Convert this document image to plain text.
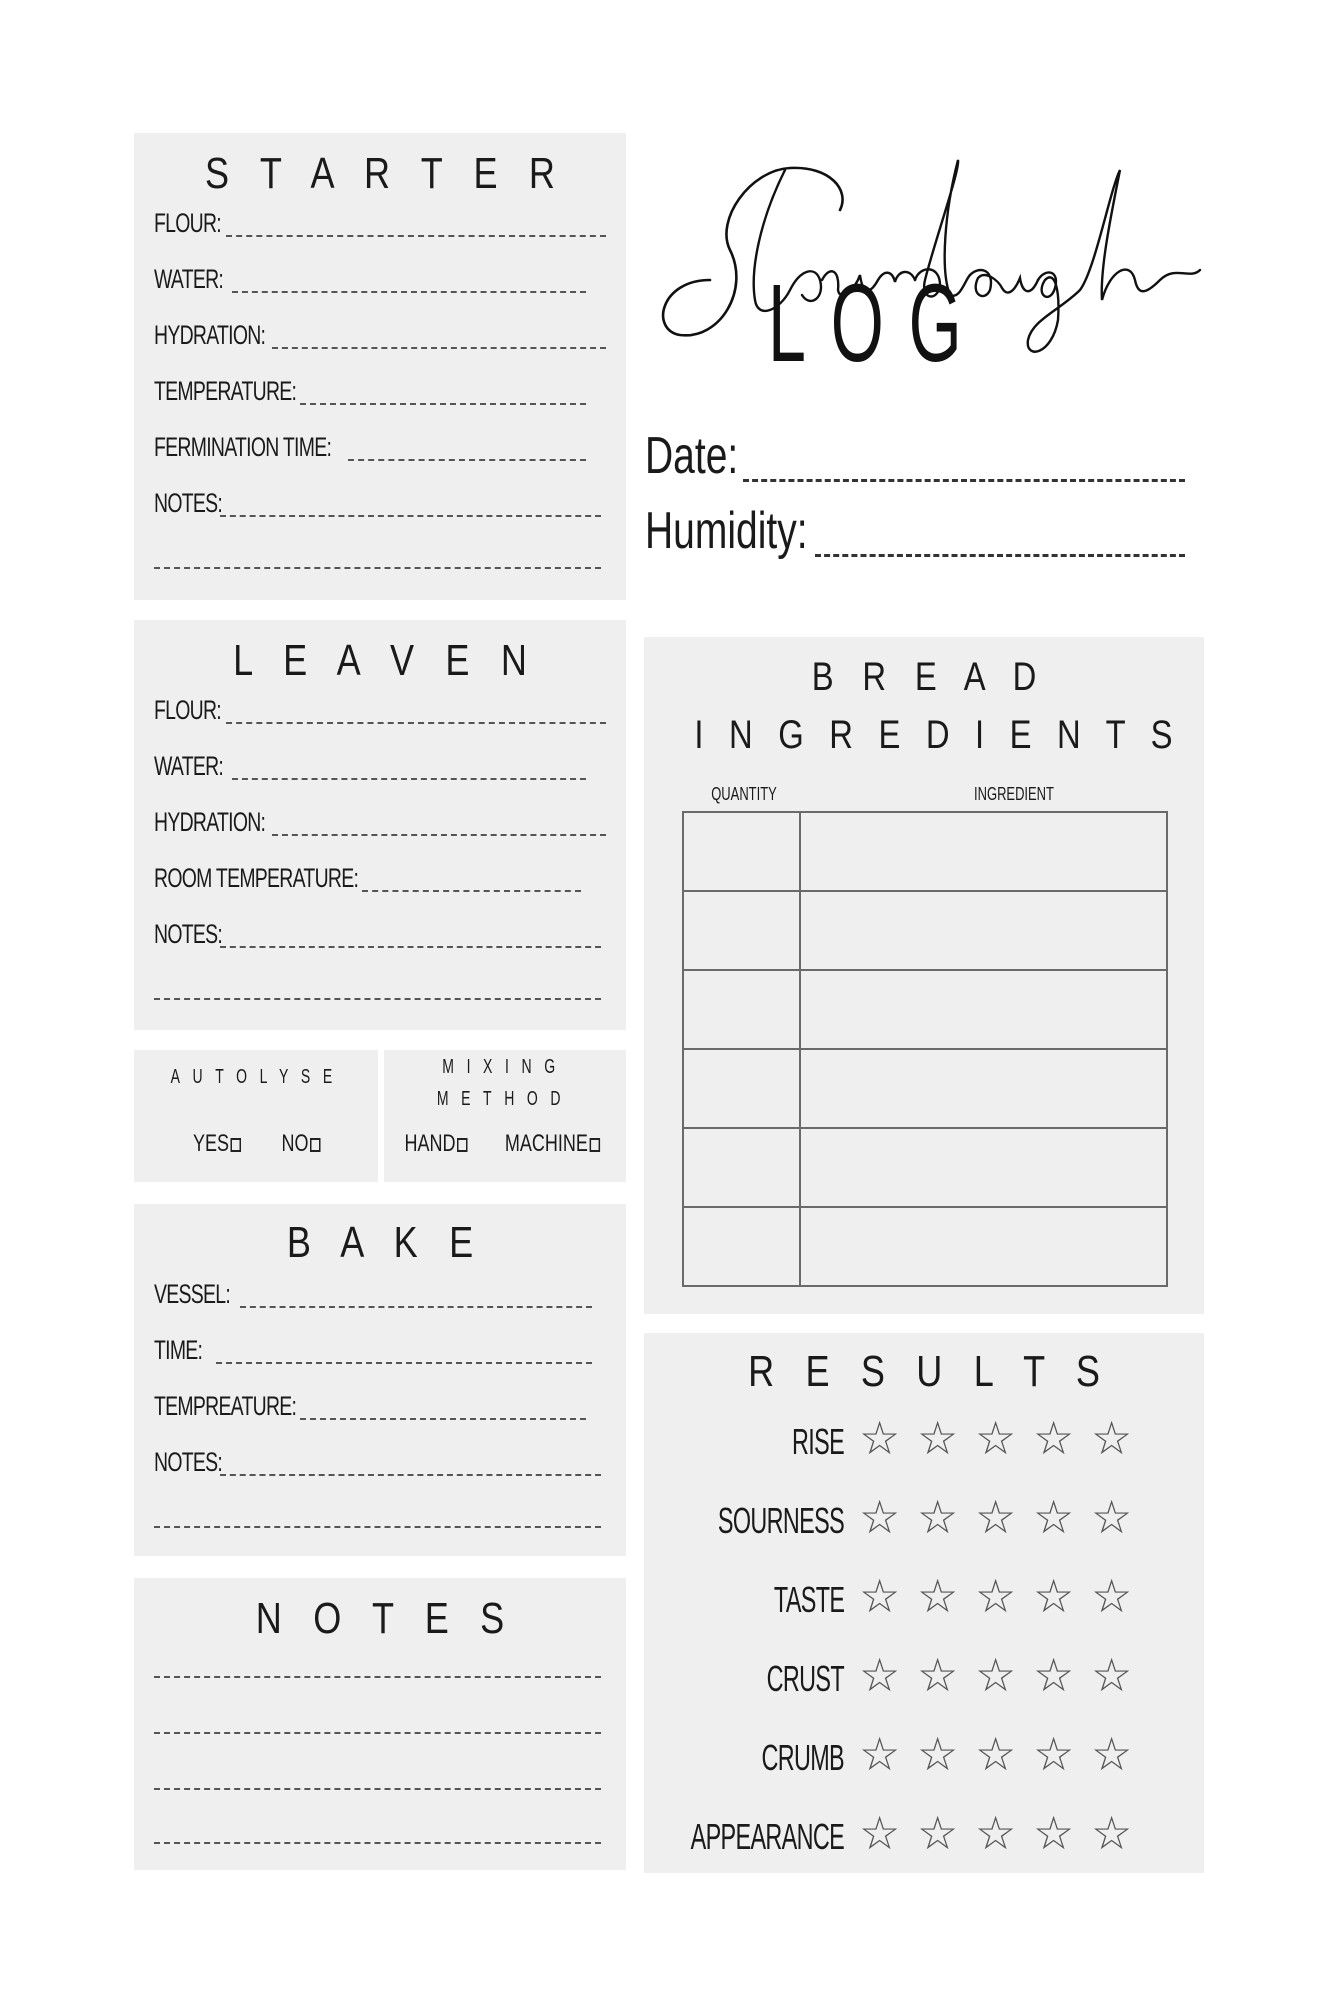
S T A R T E R
FLOUR:
WATER:
HYDRATION:
TEMPERATURE:
FERMINATION TIME:
NOTES:
L E A V E N
FLOUR:
WATER:
HYDRATION:
ROOM TEMPERATURE:
NOTES:
AUTOLYSE
YES NO
MIXING
METHOD
HAND MACHINE
B A K E
VESSEL:
TIME:
TEMPREATURE:
NOTES:
N O T E S
LOG
Date:
Humidity:
B R E A D
I N G R E D I E N T S
QUANTITY	INGREDIENT

R E S U L T S
RISE ☆ ☆ ☆ ☆ ☆
SOURNESS ☆ ☆ ☆ ☆ ☆
TASTE ☆ ☆ ☆ ☆ ☆
CRUST ☆ ☆ ☆ ☆ ☆
CRUMB ☆ ☆ ☆ ☆ ☆
APPEARANCE ☆ ☆ ☆ ☆ ☆
